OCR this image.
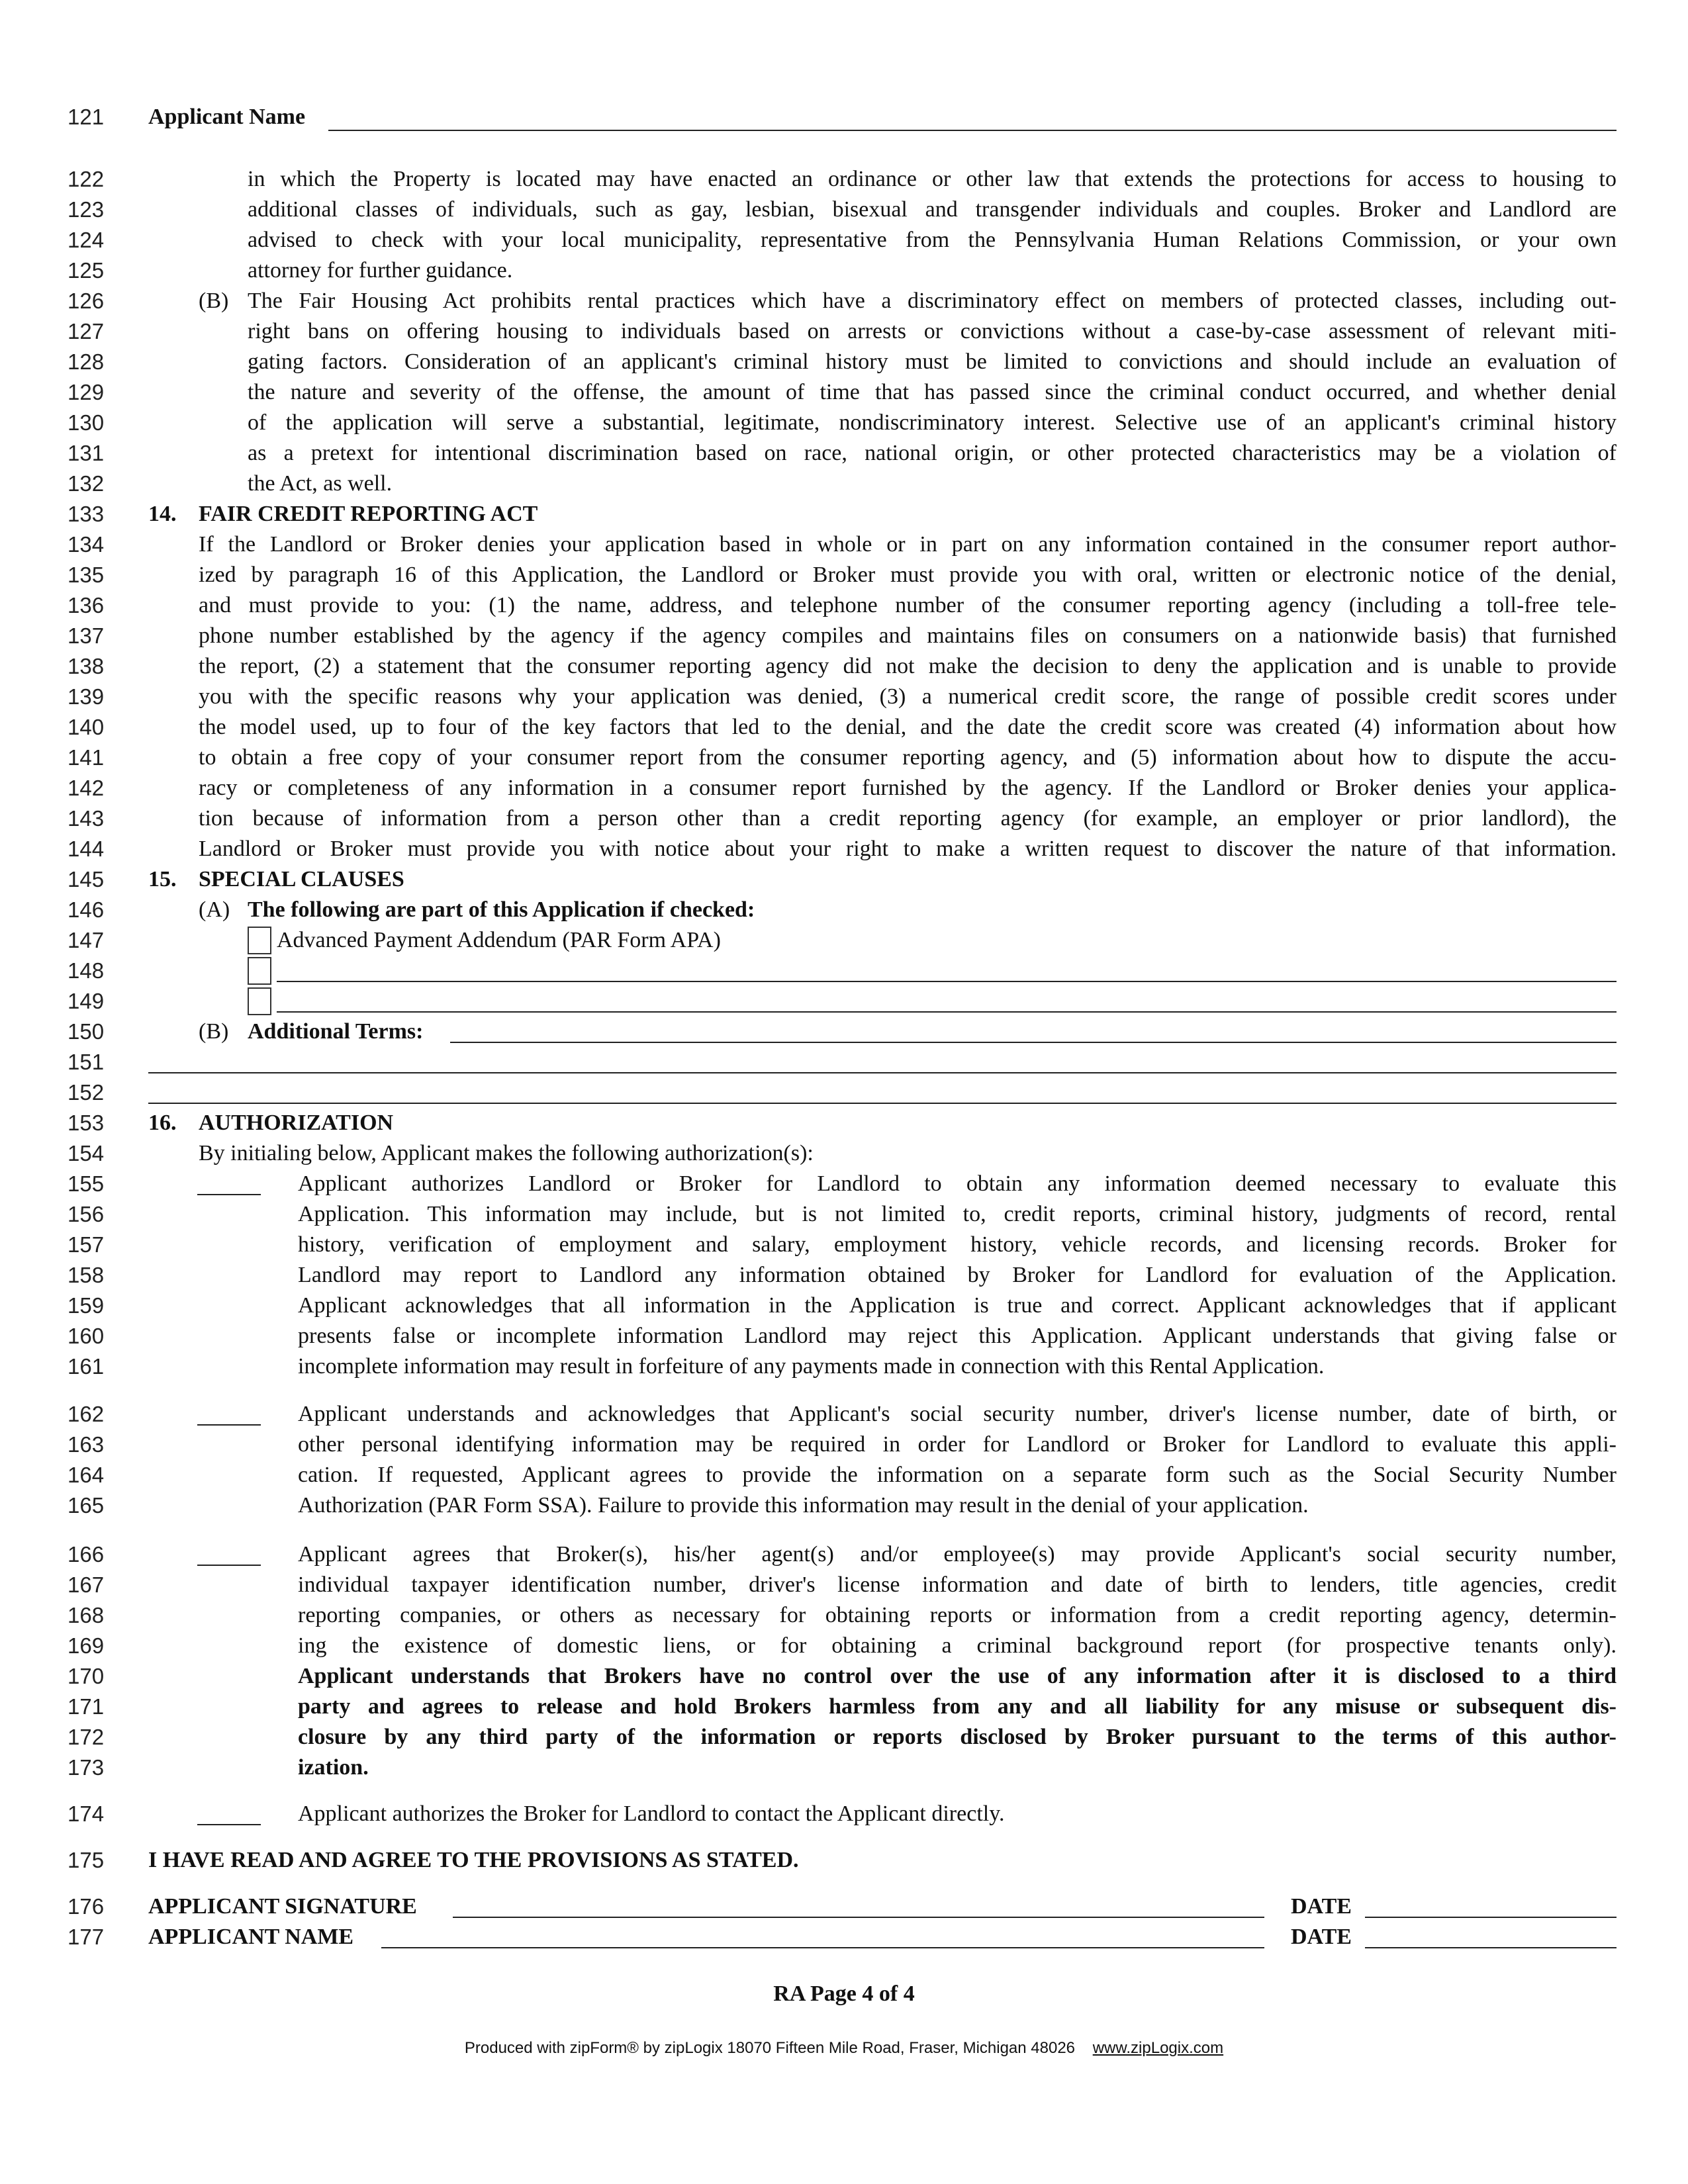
121
122
123
124
125
126
127
128
129
130
131
132
133
134
135
136
137
138
139
140
141
142
143
144
145
146
147
148
149
150
151
152
153
154
155
156
157
158
159
160
161
162
163
164
165
166
167
168
169
170
171
172
173
174
175
176
177
Applicant Name
in which the Property is located may have enacted an ordinance or other law that extends the protections for access to housing to
additional classes of individuals, such as gay, lesbian, bisexual and transgender individuals and couples. Broker and Landlord are
advised to check with your local municipality, representative from the Pennsylvania Human Relations Commission, or your own
attorney for further guidance.
(B) The Fair Housing Act prohibits rental practices which have a discriminatory effect on members of protected classes, including out-
right bans on offering housing to individuals based on arrests or convictions without a case-by-case assessment of relevant miti-
gating factors. Consideration of an applicant's criminal history must be limited to convictions and should include an evaluation of
the nature and severity of the offense, the amount of time that has passed since the criminal conduct occurred, and whether denial
of the application will serve a substantial, legitimate, nondiscriminatory interest. Selective use of an applicant's criminal history
as a pretext for intentional discrimination based on race, national origin, or other protected characteristics may be a violation of
the Act, as well.
14. FAIR CREDIT REPORTING ACT
If the Landlord or Broker denies your application based in whole or in part on any information contained in the consumer report author-
ized by paragraph 16 of this Application, the Landlord or Broker must provide you with oral, written or electronic notice of the denial,
and must provide to you: (1) the name, address, and telephone number of the consumer reporting agency (including a toll-free tele-
phone number established by the agency if the agency compiles and maintains files on consumers on a nationwide basis) that furnished
the report, (2) a statement that the consumer reporting agency did not make the decision to deny the application and is unable to provide
you with the specific reasons why your application was denied, (3) a numerical credit score, the range of possible credit scores under
the model used, up to four of the key factors that led to the denial, and the date the credit score was created (4) information about how
to obtain a free copy of your consumer report from the consumer reporting agency, and (5) information about how to dispute the accu-
racy or completeness of any information in a consumer report furnished by the agency. If the Landlord or Broker denies your applica-
tion because of information from a person other than a credit reporting agency (for example, an employer or prior landlord), the
Landlord or Broker must provide you with notice about your right to make a written request to discover the nature of that information.
15. SPECIAL CLAUSES
(A) The following are part of this Application if checked:
Advanced Payment Addendum (PAR Form APA)
(B) Additional Terms:
16. AUTHORIZATION
By initialing below, Applicant makes the following authorization(s):
Applicant authorizes Landlord or Broker for Landlord to obtain any information deemed necessary to evaluate this
Application. This information may include, but is not limited to, credit reports, criminal history, judgments of record, rental
history, verification of employment and salary, employment history, vehicle records, and licensing records. Broker for
Landlord may report to Landlord any information obtained by Broker for Landlord for evaluation of the Application.
Applicant acknowledges that all information in the Application is true and correct. Applicant acknowledges that if applicant
presents false or incomplete information Landlord may reject this Application. Applicant understands that giving false or
incomplete information may result in forfeiture of any payments made in connection with this Rental Application.
Applicant understands and acknowledges that Applicant's social security number, driver's license number, date of birth, or
other personal identifying information may be required in order for Landlord or Broker for Landlord to evaluate this appli-
cation. If requested, Applicant agrees to provide the information on a separate form such as the Social Security Number
Authorization (PAR Form SSA). Failure to provide this information may result in the denial of your application.
Applicant agrees that Broker(s), his/her agent(s) and/or employee(s) may provide Applicant's social security number,
individual taxpayer identification number, driver's license information and date of birth to lenders, title agencies, credit
reporting companies, or others as necessary for obtaining reports or information from a credit reporting agency, determin-
ing the existence of domestic liens, or for obtaining a criminal background report (for prospective tenants only).
Applicant understands that Brokers have no control over the use of any information after it is disclosed to a third
party and agrees to release and hold Brokers harmless from any and all liability for any misuse or subsequent dis-
closure by any third party of the information or reports disclosed by Broker pursuant to the terms of this author-
ization.
Applicant authorizes the Broker for Landlord to contact the Applicant directly.
I HAVE READ AND AGREE TO THE PROVISIONS AS STATED.
APPLICANT SIGNATURE	DATE
APPLICANT NAME	DATE
RA Page 4 of 4
Produced with zipForm® by zipLogix 18070 Fifteen Mile Road, Fraser, Michigan 48026 www.zipLogix.com
